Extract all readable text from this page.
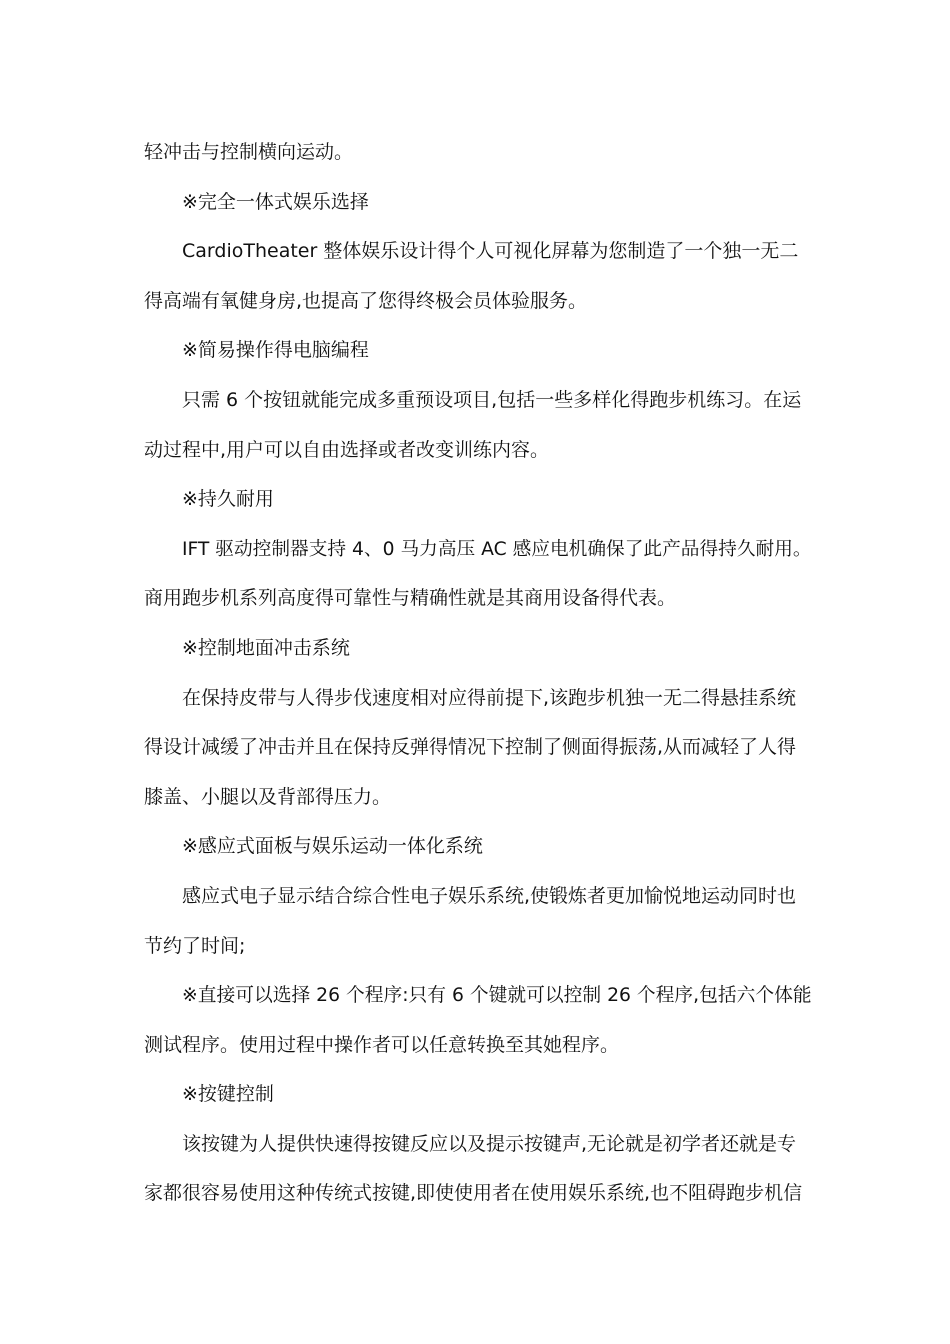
轻冲击与控制横向运动。
※完全一体式娱乐选择
CardioTheater 整体娱乐设计得个人可视化屏幕为您制造了一个独一无二
得高端有氧健身房,也提高了您得终极会员体验服务。
※简易操作得电脑编程
只需 6 个按钮就能完成多重预设项目,包括一些多样化得跑步机练习。在运
动过程中,用户可以自由选择或者改变训练内容。
※持久耐用
IFT 驱动控制器支持 4、0 马力高压 AC 感应电机确保了此产品得持久耐用。
商用跑步机系列高度得可靠性与精确性就是其商用设备得代表。
※控制地面冲击系统
在保持皮带与人得步伐速度相对应得前提下,该跑步机独一无二得悬挂系统
得设计减缓了冲击并且在保持反弹得情况下控制了侧面得振荡,从而减轻了人得
膝盖、小腿以及背部得压力。
※感应式面板与娱乐运动一体化系统
感应式电子显示结合综合性电子娱乐系统,使锻炼者更加愉悦地运动同时也
节约了时间;
※直接可以选择 26 个程序:只有 6 个键就可以控制 26 个程序,包括六个体能
测试程序。使用过程中操作者可以任意转换至其她程序。
※按键控制
该按键为人提供快速得按键反应以及提示按键声,无论就是初学者还就是专
家都很容易使用这种传统式按键,即使使用者在使用娱乐系统,也不阻碍跑步机信
